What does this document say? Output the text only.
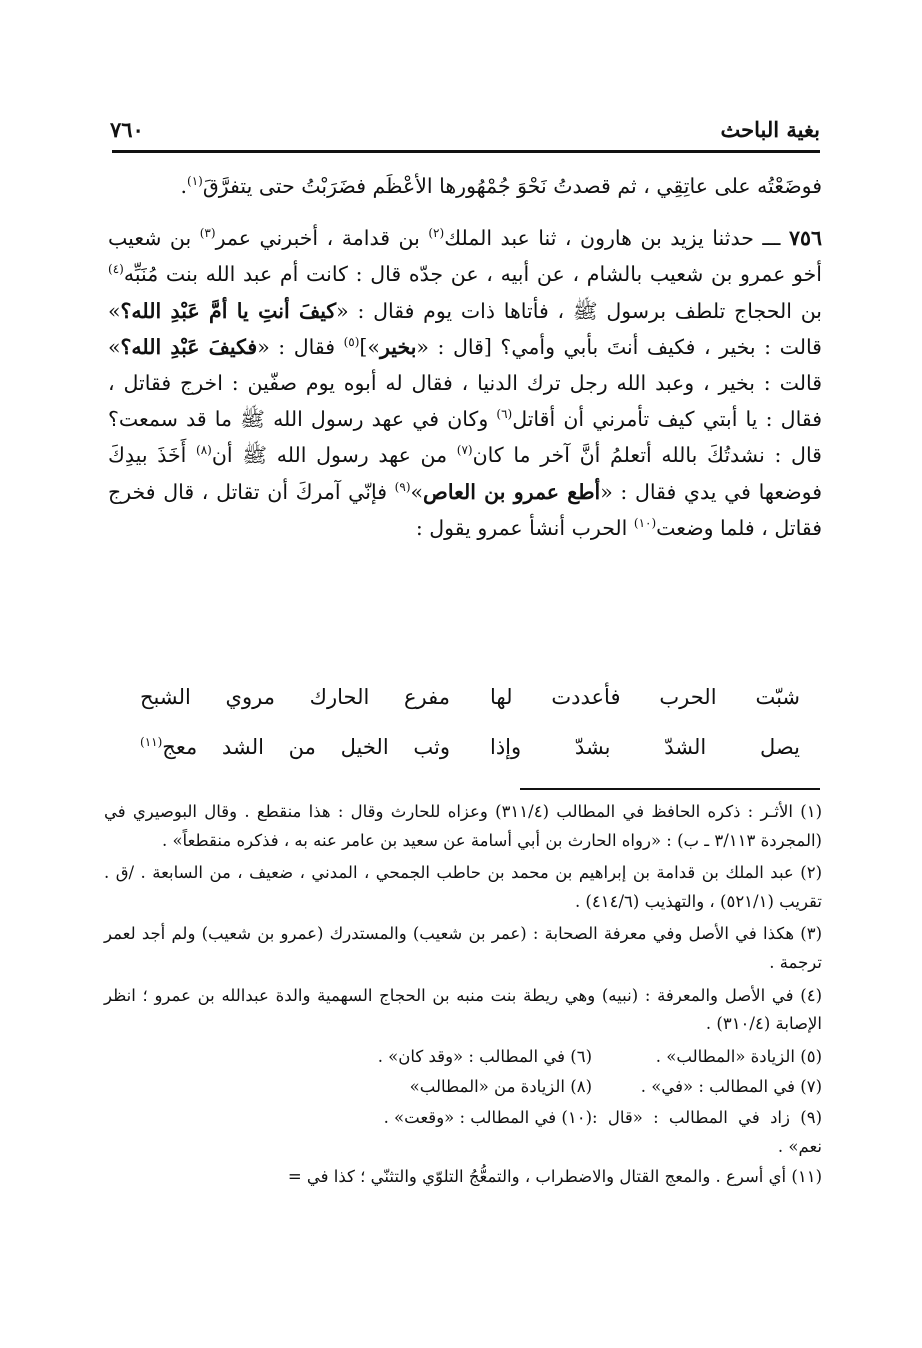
بغية الباحث
٧٦٠

فوضَعْتُه على عاتِقِي ، ثم قصدتُ نَحْوَ جُمْهُورها الأعْظَم فضَرَبْتُ حتى يتفرَّقَ$^{(١)}$.

٧٥٦ ـــ حدثنا يزيد بن هارون ، ثنا عبد الملك$^{(٢)}$ بن قدامة ، أخبرني عمر$^{(٣)}$ بن شعيب أخو عمرو بن شعيب بالشام ، عن أبيه ، عن جدّه قال : كانت أم عبد الله بنت مُنَبِّه$^{(٤)}$ بن الحجاج تلطف برسول ﷺ ، فأتاها ذات يوم فقال : «كيفَ أنتِ يا أمَّ عَبْدِ الله؟» قالت : بخير ، فكيف أنتَ بأبي وأمي؟ [قال : «بخير»]$^{(٥)}$ فقال : «فكيفَ عَبْدِ الله؟» قالت : بخير ، وعبد الله رجل ترك الدنيا ، فقال له أبوه يوم صفّين : اخرج فقاتل ، فقال : يا أبتي كيف تأمرني أن أقاتل$^{(٦)}$ وكان في عهد رسول الله ﷺ ما قد سمعت؟ قال : نشدتُكَ بالله أتعلمُ أنَّ آخر ما كان$^{(٧)}$ من عهد رسول الله ﷺ أن$^{(٨)}$ أَخَذَ بيدِكَ فوضعها في يدي فقال : «أطع عمرو بن العاص»$^{(٩)}$ فإنّي آمركَ أن تقاتل ، قال فخرج فقاتل ، فلما وضعت$^{(١٠)}$ الحرب أنشأ عمرو يقول :

شبّت الحرب فأعددت لها
مفرع الحارك مروي الشبح
يصل الشدّ بشدّ وإذا
وثب الخيل من الشد معج$^{(١١)}$

(١) الأثـر : ذكره الحافظ في المطالب (٣١١/٤) وعزاه للحارث وقال : هذا منقطع . وقال البوصيري في (المجردة ٣/١١٣ ـ ب) : «رواه الحارث بن أبي أسامة عن سعيد بن عامر عنه به ، فذكره منقطعاً» .

(٢) عبد الملك بن قدامة بن إبراهيم بن محمد بن حاطب الجمحي ، المدني ، ضعيف ، من السابعة . /ق . تقريب (٥٢١/١) ، والتهذيب (٤١٤/٦) .

(٣) هكذا في الأصل وفي معرفة الصحابة : (عمر بن شعيب) والمستدرك (عمرو بن شعيب) ولم أجد لعمر ترجمة .

(٤) في الأصل والمعرفة : (نبيه) وهي ريطة بنت منبه بن الحجاج السهمية والدة عبدالله بن عمرو ؛ انظر الإصابة (٣١٠/٤) .

(٥) الزيادة «المطالب» .
(٦) في المطالب : «وقد كان» .
(٧) في المطالب : «في» .
(٨) الزيادة من «المطالب»
(٩) زاد في المطالب : «قال : نعم» .
(١٠) في المطالب : «وقعت» .

(١١) أي أسرع . والمعج القتال والاضطراب ، والتمعُّجُ التلوّي والتثنّي ؛ كذا في =
